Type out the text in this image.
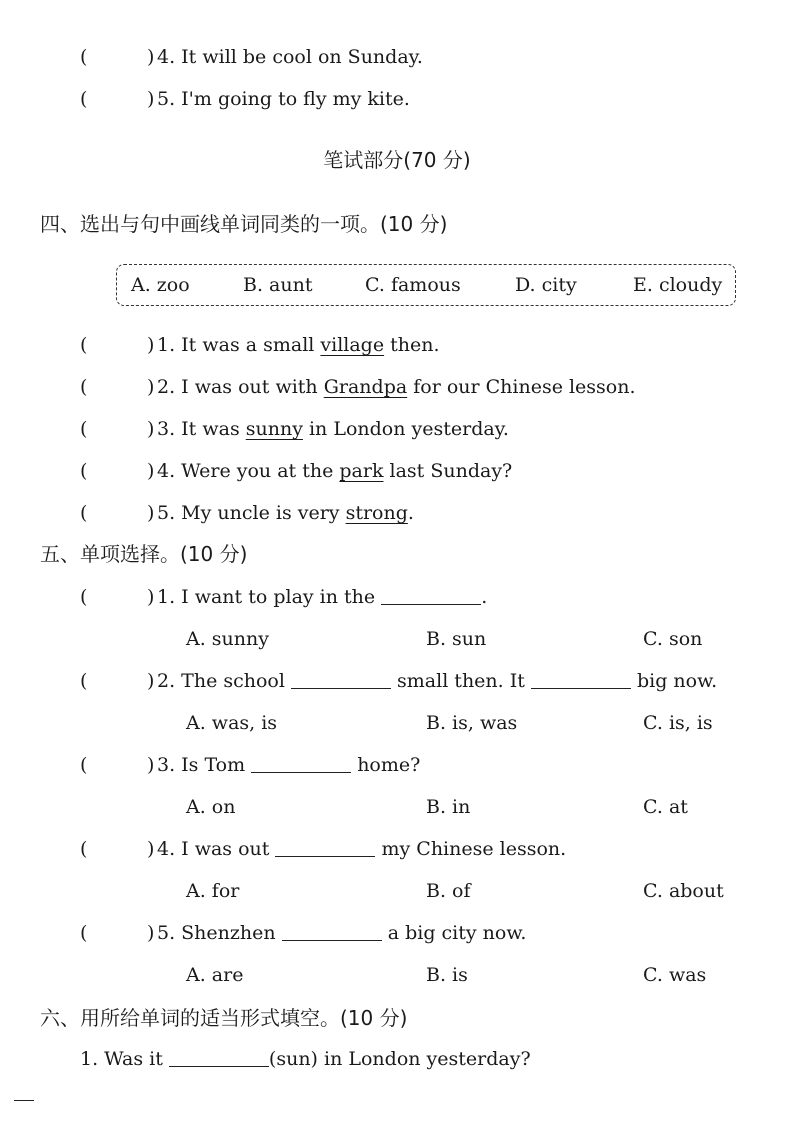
(	) 4. It will be cool on Sunday.
(	) 5. I'm going to fly my kite.
笔试部分(70 分)
四、选出与句中画线单词同类的一项。(10 分)
A. zoo	B. aunt	C. famous	D. city	E. cloudy
(	) 1. It was a small village then.
(	) 2. I was out with Grandpa for our Chinese lesson.
(	) 3. It was sunny in London yesterday.
(	) 4. Were you at the park last Sunday?
(	) 5. My uncle is very strong.
五、单项选择。(10 分)
(	) 1. I want to play in the	.
A. sunny	B. sun	C. son
(	) 2. The school	small then. It	big now.
A. was, is	B. is, was	C. is, is
(	) 3. Is Tom	home?
A. on	B. in	C. at
(	) 4. I was out	my Chinese lesson.
A. for	B. of	C. about
(	) 5. Shenzhen	a big city now.
A. are	B. is	C. was
六、用所给单词的适当形式填空。(10 分)
1. Was it	(sun) in London yesterday?
